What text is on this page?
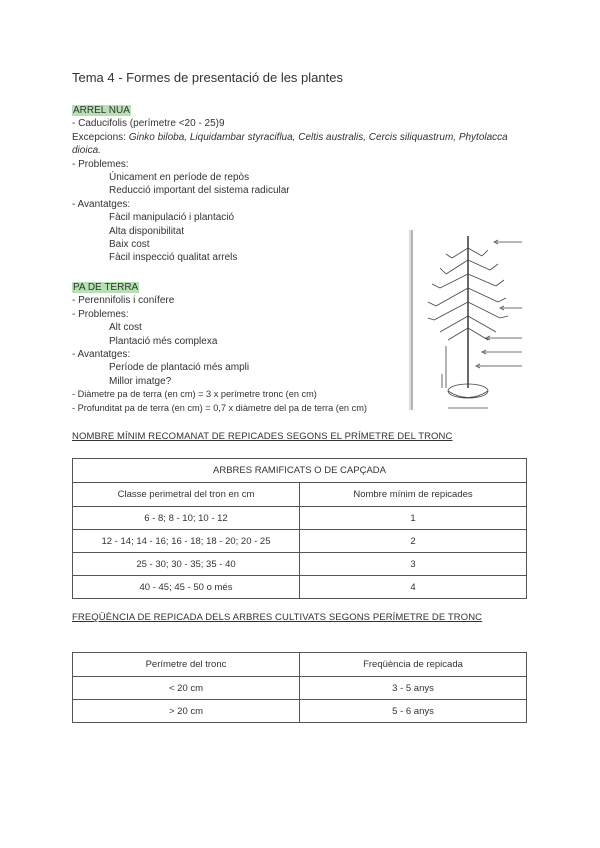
Tema 4 - Formes de presentació de les plantes
ARREL NUA
- Caducifolis (perímetre <20 - 25)9
Excepcions: Ginko biloba, Liquidambar styraciflua, Celtis australis, Cercis siliquastrum, Phytolacca dioica.
- Problemes:
Únicament en període de repòs
Reducció important del sistema radicular
- Avantatges:
Fàcil manipulació i plantació
Alta disponibilitat
Baix cost
Fàcil inspecció qualitat arrels
PA DE TERRA
- Perennifolis i conífere
- Problemes:
Alt cost
Plantació més complexa
- Avantatges:
Període de plantació més ampli
Millor imatge?
- Diàmetre pa de terra (en cm) = 3 x perímetre tronc (en cm)
- Profunditat pa de terra (en cm) = 0,7 x diàmetre del pa de terra (en cm)
NOMBRE MÍNIM RECOMANAT DE REPICADES SEGONS EL PRÍMETRE DEL TRONC
ARBRES RAMIFICATS O DE CAPÇADA	
Classe perimetral del tron en cm	Nombre mínim de repicades
6 - 8; 8 - 10; 10 - 12	1
12 - 14; 14 - 16; 16 - 18; 18 - 20; 20 - 25	2
25 - 30; 30 - 35; 35 - 40	3
40 - 45; 45 - 50 o més	4
FREQÜÈNCIA DE REPICADA DELS ARBRES CULTIVATS SEGONS PERÍMETRE DE TRONC
Perímetre del tronc	Freqüència de repicada
< 20 cm	3 - 5 anys
> 20 cm	5 - 6 anys
